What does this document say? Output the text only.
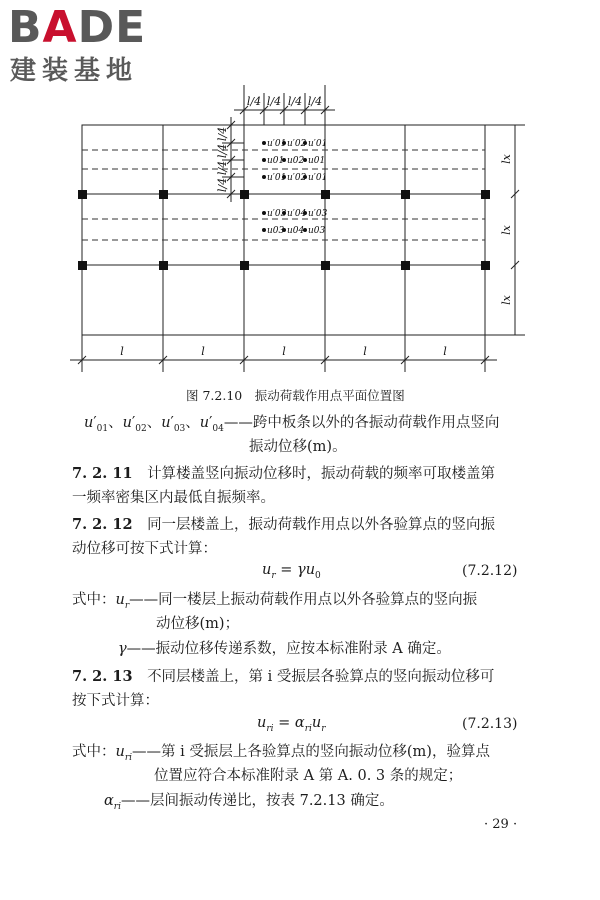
BADE
建装基地
u′01 u′02 u′01
u01 u02 u01
u′01 u′02 u′01
u′03 u′04 u′03
u03 u04 u03
l/4 l/4 l/4 l/4
l	l	l	l	l
lx
lx
lx
l/4
l/4
l/4
l/4
图 7.2.10　振动荷载作用点平面位置图
$u'_{01}$、$u'_{02}$、$u'_{03}$、$u'_{04}——$跨中板条以外的各振动荷载作用点竖向
振动位移(m)。
7. 2. 11　 计算楼盖竖向振动位移时，振动荷载的频率可取楼盖第
一频率密集区内最低自振频率。
7. 2. 12　 同一层楼盖上，振动荷载作用点以外各验算点的竖向振
动位移可按下式计算：
$u_r = \gamma u_0$	(7.2.12)
式中：$u_r——$同一楼层上振动荷载作用点以外各验算点的竖向振
动位移(m)；
γ——振动位移传递系数，应按本标准附录 A 确定。
7. 2. 13　 不同层楼盖上，第 i 受振层各验算点的竖向振动位移可
按下式计算：
$u_{ri} = \alpha_{ri}u_r$	(7.2.13)
式中：$u_{ri}——$第 i 受振层上各验算点的竖向振动位移(m)，验算点
位置应符合本标准附录 A 第 A. 0. 3 条的规定；
$\alpha_{ri}——$层间振动传递比，按表 7.2.13 确定。
· 29 ·
